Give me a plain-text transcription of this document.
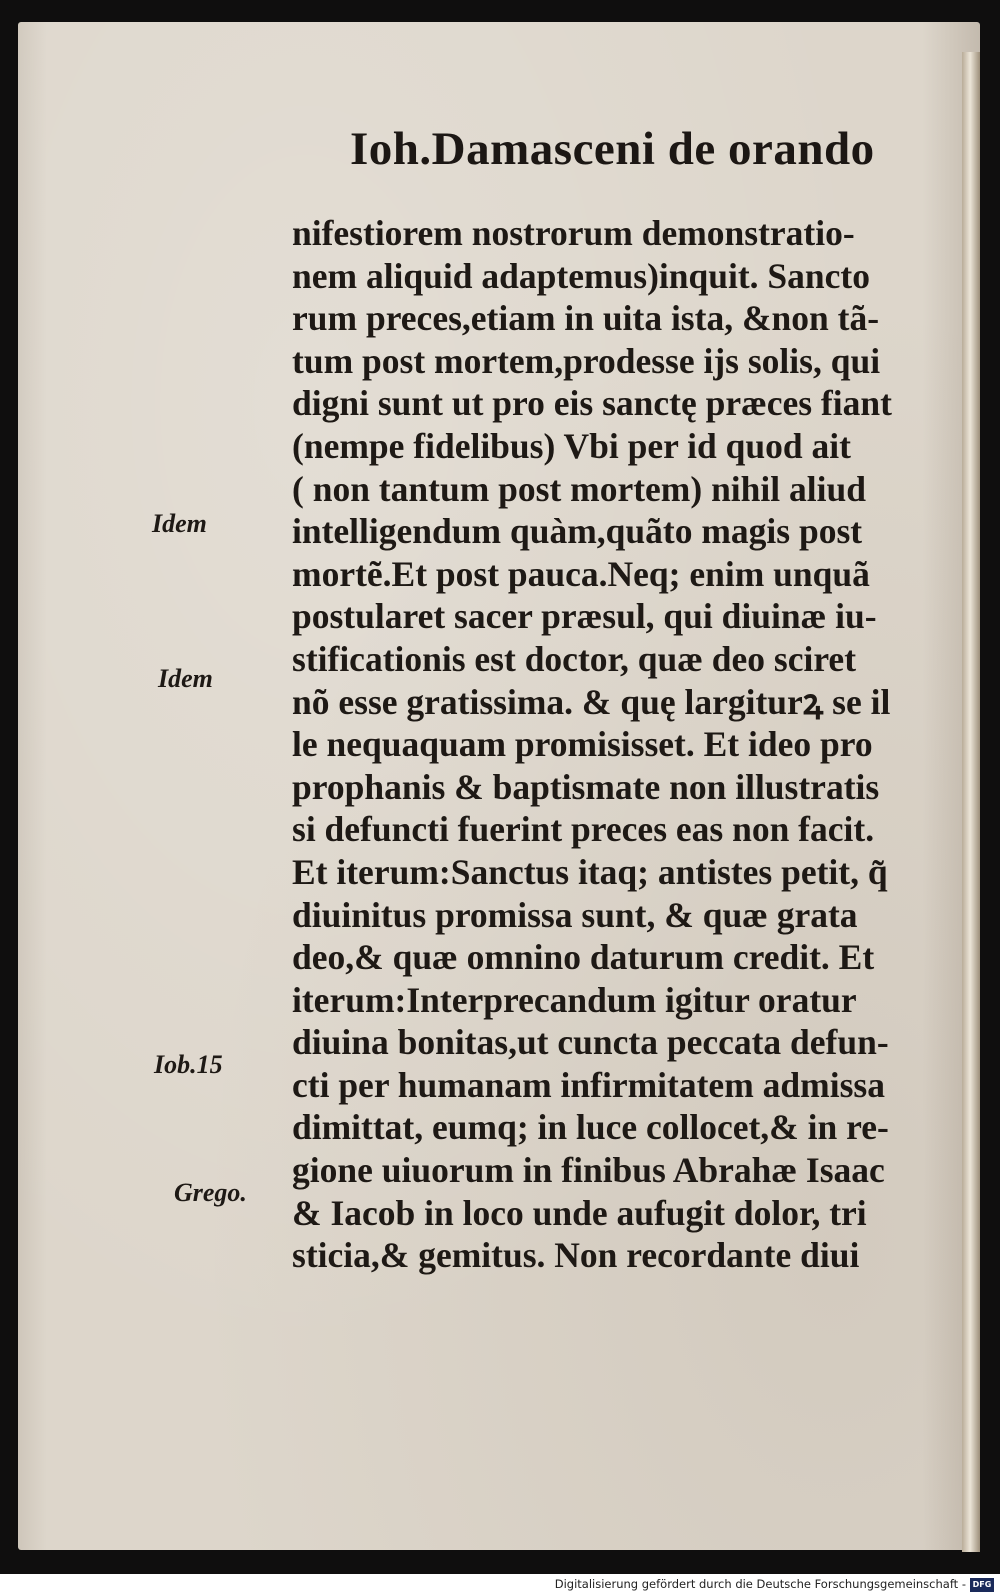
Ioh.Damasceni de orando
nifestiorem nostrorum demonstratio-
nem aliquid adaptemus)inquit. Sancto
rum preces,etiam in uita ista, &non tã-
tum post mortem,prodesse ijs solis, qui
digni sunt ut pro eis sanctę prӕces fiant
(nempe fidelibus) Vbi per id quod ait
( non tantum post mortem) nihil aliud
intelligendum quàm,quãto magis post
mortẽ.Et post pauca.Neq; enim unquã
postularet sacer prӕsul, qui diuinӕ iu-
stificationis est doctor, quӕ deo sciret
nõ esse gratissima. & quę largiturꝝ se il
le nequaquam promisisset. Et ideo pro
prophanis & baptismate non illustratis
si defuncti fuerint preces eas non facit.
Et iterum:Sanctus itaq; antistes petit, q̃
diuinitus promissa sunt, & quӕ grata
deo,& quӕ omnino daturum credit. Et
iterum:Interprecandum igitur oratur
diuina bonitas,ut cuncta peccata defun-
cti per humanam infirmitatem admissa
dimittat, eumq; in luce collocet,& in re-
gione uiuorum in finibus Abrahӕ Isaac
& Iacob in loco unde aufugit dolor, tri
sticia,& gemitus. Non recordante diui
Idem
Idem
Iob.15
Grego.
Digitalisierung gefördert durch die Deutsche Forschungsgemeinschaft - DFG
